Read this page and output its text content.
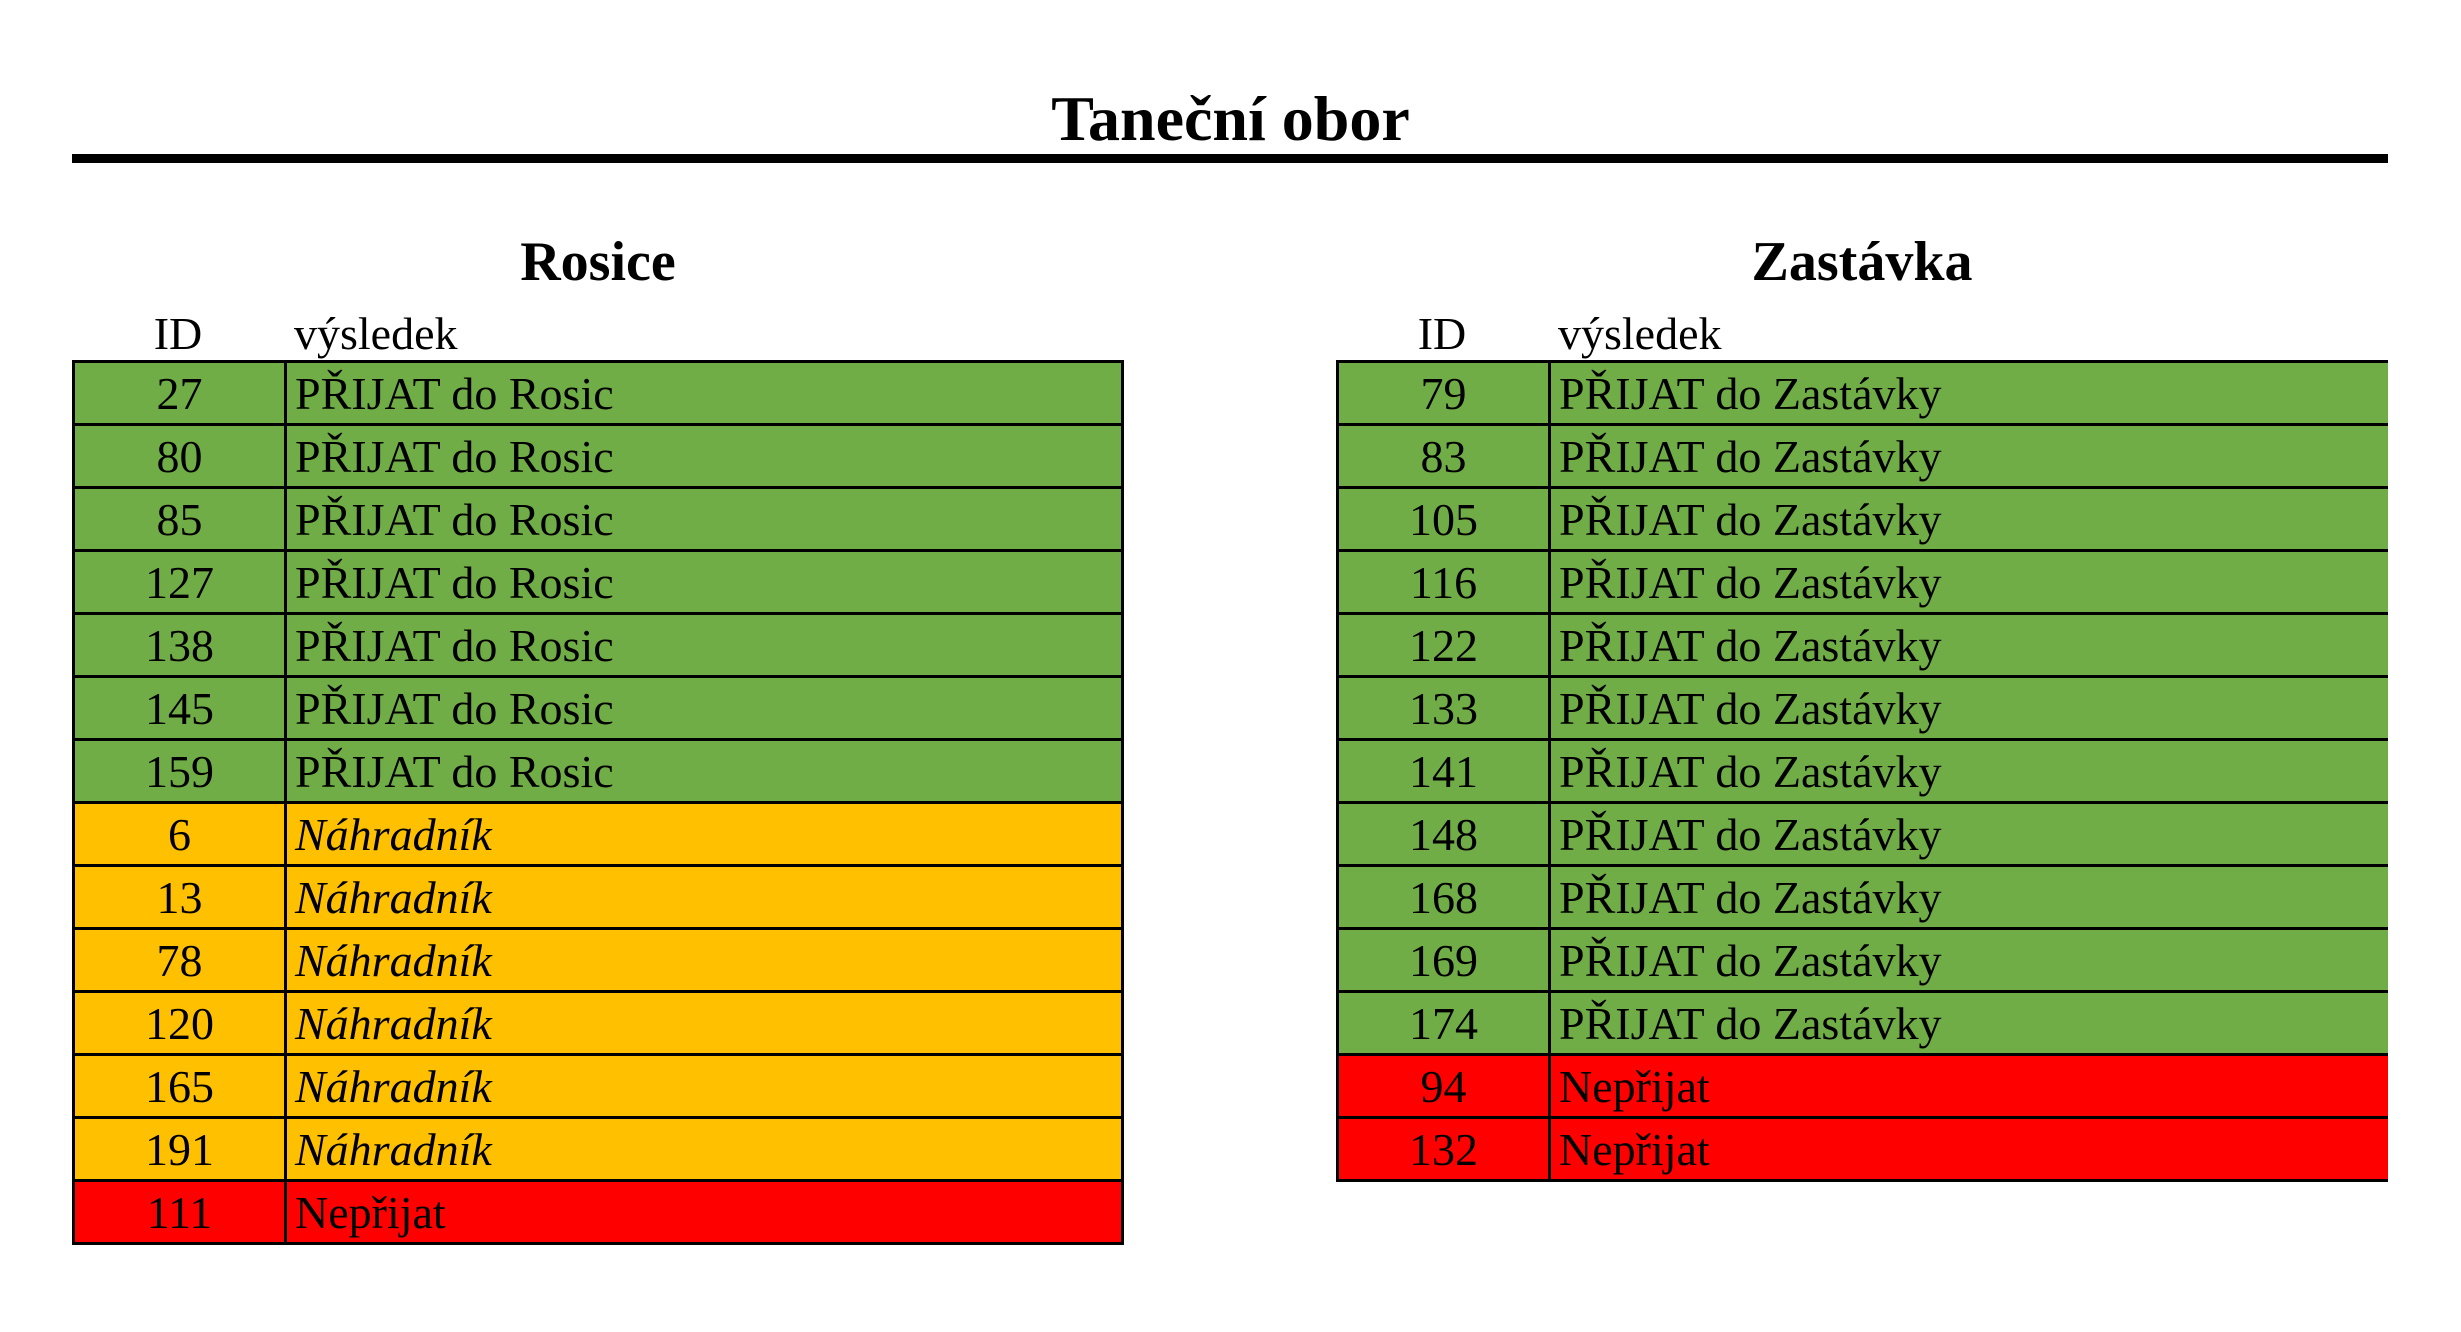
Taneční obor
Rosice
ID	výsledek
27	PŘIJAT do Rosic
80	PŘIJAT do Rosic
85	PŘIJAT do Rosic
127	PŘIJAT do Rosic
138	PŘIJAT do Rosic
145	PŘIJAT do Rosic
159	PŘIJAT do Rosic
6	Náhradník
13	Náhradník
78	Náhradník
120	Náhradník
165	Náhradník
191	Náhradník
111	Nepřijat
Zastávka
ID	výsledek
79	PŘIJAT do Zastávky
83	PŘIJAT do Zastávky
105	PŘIJAT do Zastávky
116	PŘIJAT do Zastávky
122	PŘIJAT do Zastávky
133	PŘIJAT do Zastávky
141	PŘIJAT do Zastávky
148	PŘIJAT do Zastávky
168	PŘIJAT do Zastávky
169	PŘIJAT do Zastávky
174	PŘIJAT do Zastávky
94	Nepřijat
132	Nepřijat
